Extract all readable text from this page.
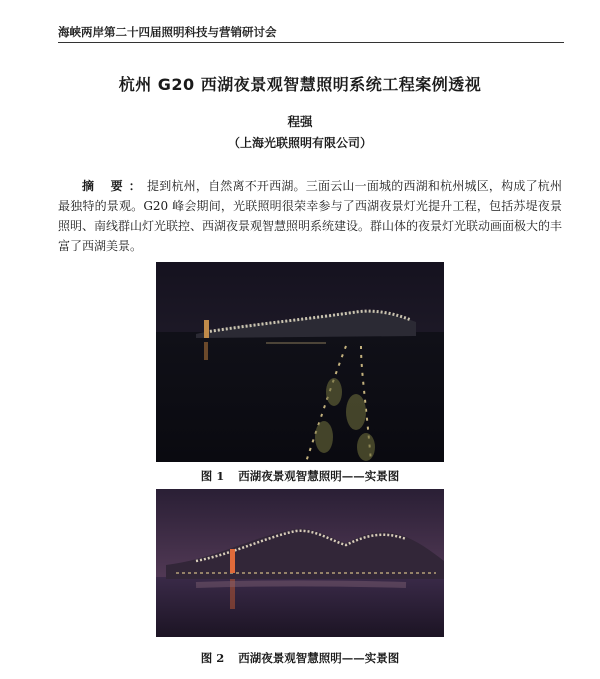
海峡两岸第二十四届照明科技与营销研讨会
杭州 G20 西湖夜景观智慧照明系统工程案例透视
程强
（上海光联照明有限公司）
摘 要：提到杭州，自然离不开西湖。三面云山一面城的西湖和杭州城区，构成了杭州最独特的景观。G20 峰会期间，光联照明很荣幸参与了西湖夜景灯光提升工程，包括苏堤夜景照明、南线群山灯光联控、西湖夜景观智慧照明系统建设。群山体的夜景灯光联动画面极大的丰富了西湖美景。
图 1 西湖夜景观智慧照明——实景图
图 2 西湖夜景观智慧照明——实景图
